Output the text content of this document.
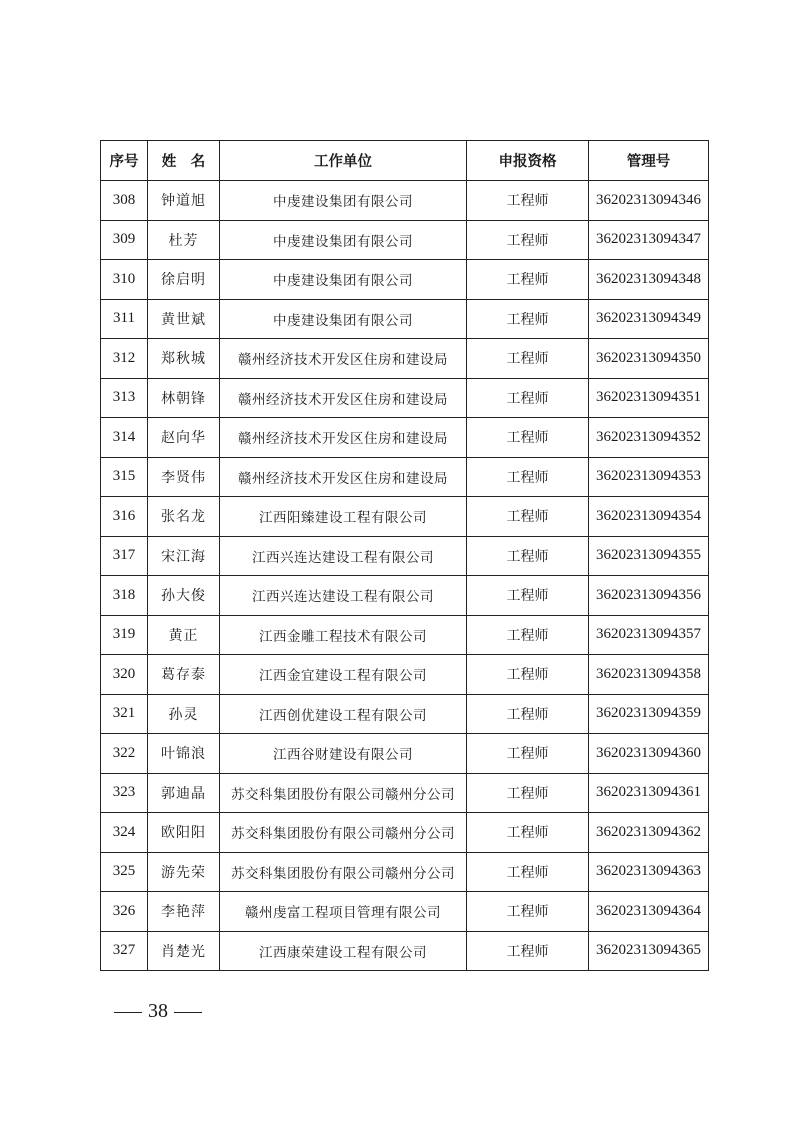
序号	姓　名	工作单位	申报资格	管理号
308	钟道旭	中虔建设集团有限公司	工程师	36202313094346
309	杜芳	中虔建设集团有限公司	工程师	36202313094347
310	徐启明	中虔建设集团有限公司	工程师	36202313094348
311	黄世斌	中虔建设集团有限公司	工程师	36202313094349
312	郑秋城	赣州经济技术开发区住房和建设局	工程师	36202313094350
313	林朝锋	赣州经济技术开发区住房和建设局	工程师	36202313094351
314	赵向华	赣州经济技术开发区住房和建设局	工程师	36202313094352
315	李贤伟	赣州经济技术开发区住房和建设局	工程师	36202313094353
316	张名龙	江西阳臻建设工程有限公司	工程师	36202313094354
317	宋江海	江西兴连达建设工程有限公司	工程师	36202313094355
318	孙大俊	江西兴连达建设工程有限公司	工程师	36202313094356
319	黄正	江西金雕工程技术有限公司	工程师	36202313094357
320	葛存泰	江西金宜建设工程有限公司	工程师	36202313094358
321	孙灵	江西创优建设工程有限公司	工程师	36202313094359
322	叶锦浪	江西谷财建设有限公司	工程师	36202313094360
323	郭迪晶	苏交科集团股份有限公司赣州分公司	工程师	36202313094361
324	欧阳阳	苏交科集团股份有限公司赣州分公司	工程师	36202313094362
325	游先荣	苏交科集团股份有限公司赣州分公司	工程师	36202313094363
326	李艳萍	赣州虔富工程项目管理有限公司	工程师	36202313094364
327	肖楚光	江西康荣建设工程有限公司	工程师	36202313094365
38
